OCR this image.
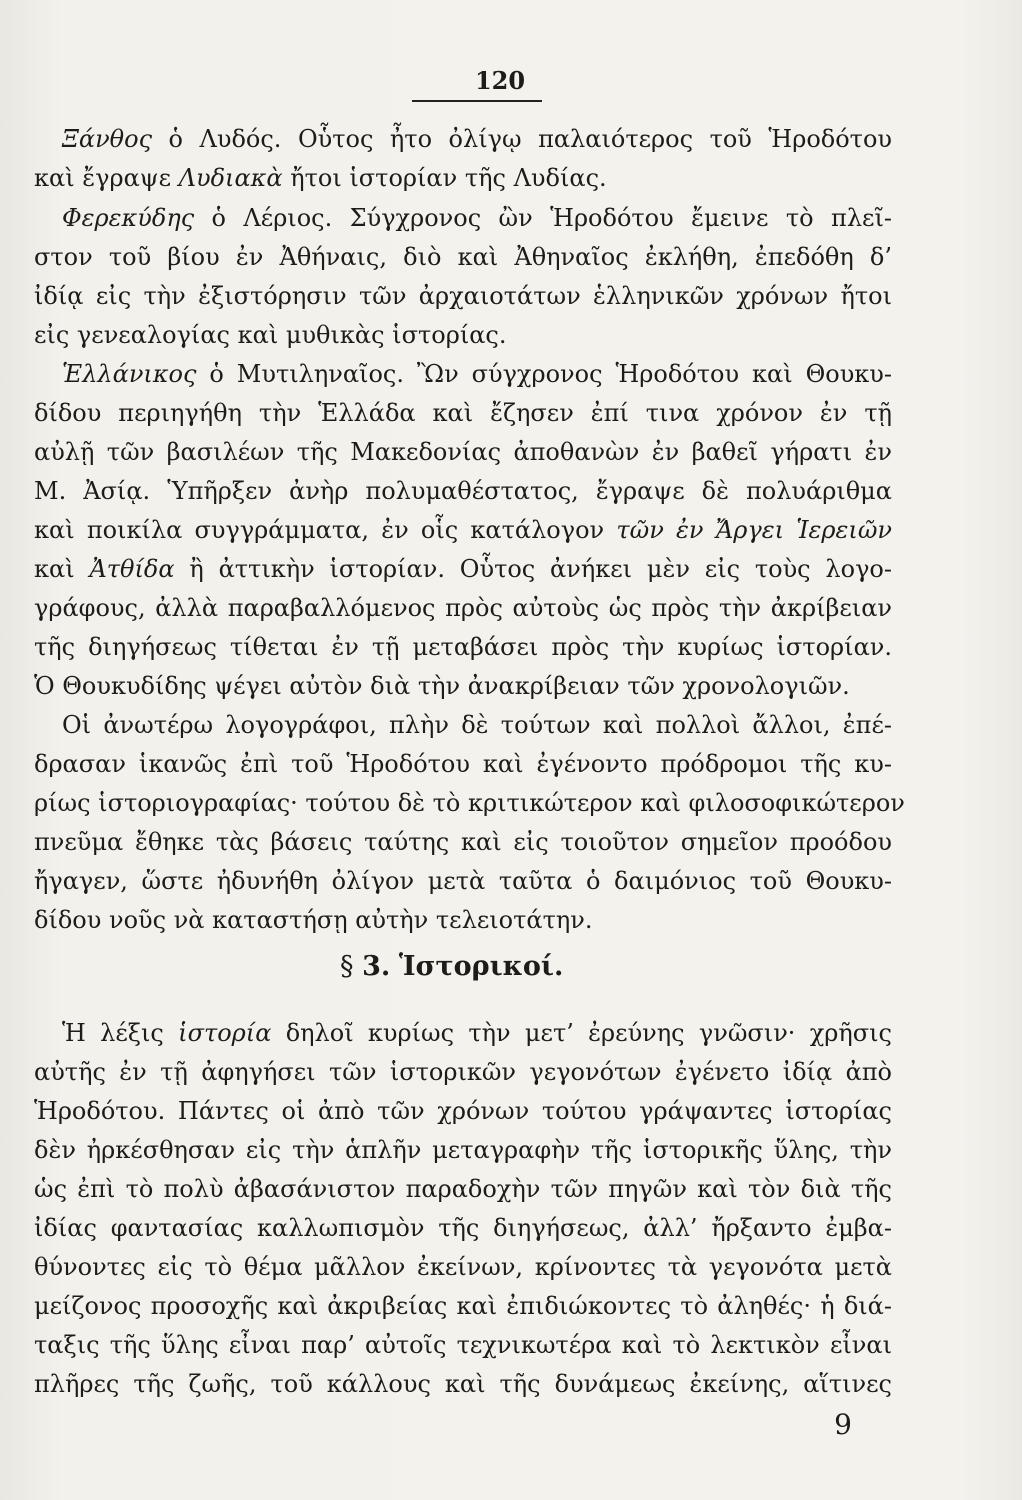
120
Ξάνθος ὁ Λυδός. Οὗτος ἦτο ὀλίγῳ παλαιότερος τοῦ Ἡροδότου
καὶ ἔγραψε Λυδιακὰ ἤτοι ἱστορίαν τῆς Λυδίας.
Φερεκύδης ὁ Λέριος. Σύγχρονος ὢν Ἡροδότου ἔμεινε τὸ πλεῖ-
στον τοῦ βίου ἐν Ἀθήναις, διὸ καὶ Ἀθηναῖος ἐκλήθη, ἐπεδόθη δ’
ἰδίᾳ εἰς τὴν ἐξιστόρησιν τῶν ἀρχαιοτάτων ἑλληνικῶν χρόνων ἤτοι
εἰς γενεαλογίας καὶ μυθικὰς ἱστορίας.
Ἑλλάνικος ὁ Μυτιληναῖος. Ὢν σύγχρονος Ἡροδότου καὶ Θουκυ-
δίδου περιηγήθη τὴν Ἑλλάδα καὶ ἔζησεν ἐπί τινα χρόνον ἐν τῇ
αὐλῇ τῶν βασιλέων τῆς Μακεδονίας ἀποθανὼν ἐν βαθεῖ γήρατι ἐν
Μ. Ἀσίᾳ. Ὑπῆρξεν ἀνὴρ πολυμαθέστατος, ἔγραψε δὲ πολυάριθμα
καὶ ποικίλα συγγράμματα, ἐν οἷς κατάλογον τῶν ἐν Ἄργει Ἱερειῶν
καὶ Ἀτθίδα ἢ ἀττικὴν ἱστορίαν. Οὗτος ἀνήκει μὲν εἰς τοὺς λογο-
γράφους, ἀλλὰ παραβαλλόμενος πρὸς αὐτοὺς ὡς πρὸς τὴν ἀκρίβειαν
τῆς διηγήσεως τίθεται ἐν τῇ μεταβάσει πρὸς τὴν κυρίως ἱστορίαν.
Ὁ Θουκυδίδης ψέγει αὐτὸν διὰ τὴν ἀνακρίβειαν τῶν χρονολογιῶν.
Οἱ ἀνωτέρω λογογράφοι, πλὴν δὲ τούτων καὶ πολλοὶ ἄλλοι, ἐπέ-
δρασαν ἱκανῶς ἐπὶ τοῦ Ἡροδότου καὶ ἐγένοντο πρόδρομοι τῆς κυ-
ρίως ἱστοριογραφίας· τούτου δὲ τὸ κριτικώτερον καὶ φιλοσοφικώτερον
πνεῦμα ἔθηκε τὰς βάσεις ταύτης καὶ εἰς τοιοῦτον σημεῖον προόδου
ἤγαγεν, ὥστε ἠδυνήθη ὀλίγον μετὰ ταῦτα ὁ δαιμόνιος τοῦ Θουκυ-
δίδου νοῦς νὰ καταστήσῃ αὐτὴν τελειοτάτην.
§ 3. Ἱστορικοί.
Ἡ λέξις ἱστορία δηλοῖ κυρίως τὴν μετ’ ἐρεύνης γνῶσιν· χρῆσις
αὐτῆς ἐν τῇ ἀφηγήσει τῶν ἱστορικῶν γεγονότων ἐγένετο ἰδίᾳ ἀπὸ
Ἡροδότου. Πάντες οἱ ἀπὸ τῶν χρόνων τούτου γράψαντες ἱστορίας
δὲν ἠρκέσθησαν εἰς τὴν ἁπλῆν μεταγραφὴν τῆς ἱστορικῆς ὕλης, τὴν
ὡς ἐπὶ τὸ πολὺ ἀβασάνιστον παραδοχὴν τῶν πηγῶν καὶ τὸν διὰ τῆς
ἰδίας φαντασίας καλλωπισμὸν τῆς διηγήσεως, ἀλλ’ ἤρξαντο ἐμβα-
θύνοντες εἰς τὸ θέμα μᾶλλον ἐκείνων, κρίνοντες τὰ γεγονότα μετὰ
μείζονος προσοχῆς καὶ ἀκριβείας καὶ ἐπιδιώκοντες τὸ ἀληθές· ἡ διά-
ταξις τῆς ὕλης εἶναι παρ’ αὐτοῖς τεχνικωτέρα καὶ τὸ λεκτικὸν εἶναι
πλῆρες τῆς ζωῆς, τοῦ κάλλους καὶ τῆς δυνάμεως ἐκείνης, αἵτινες
9
